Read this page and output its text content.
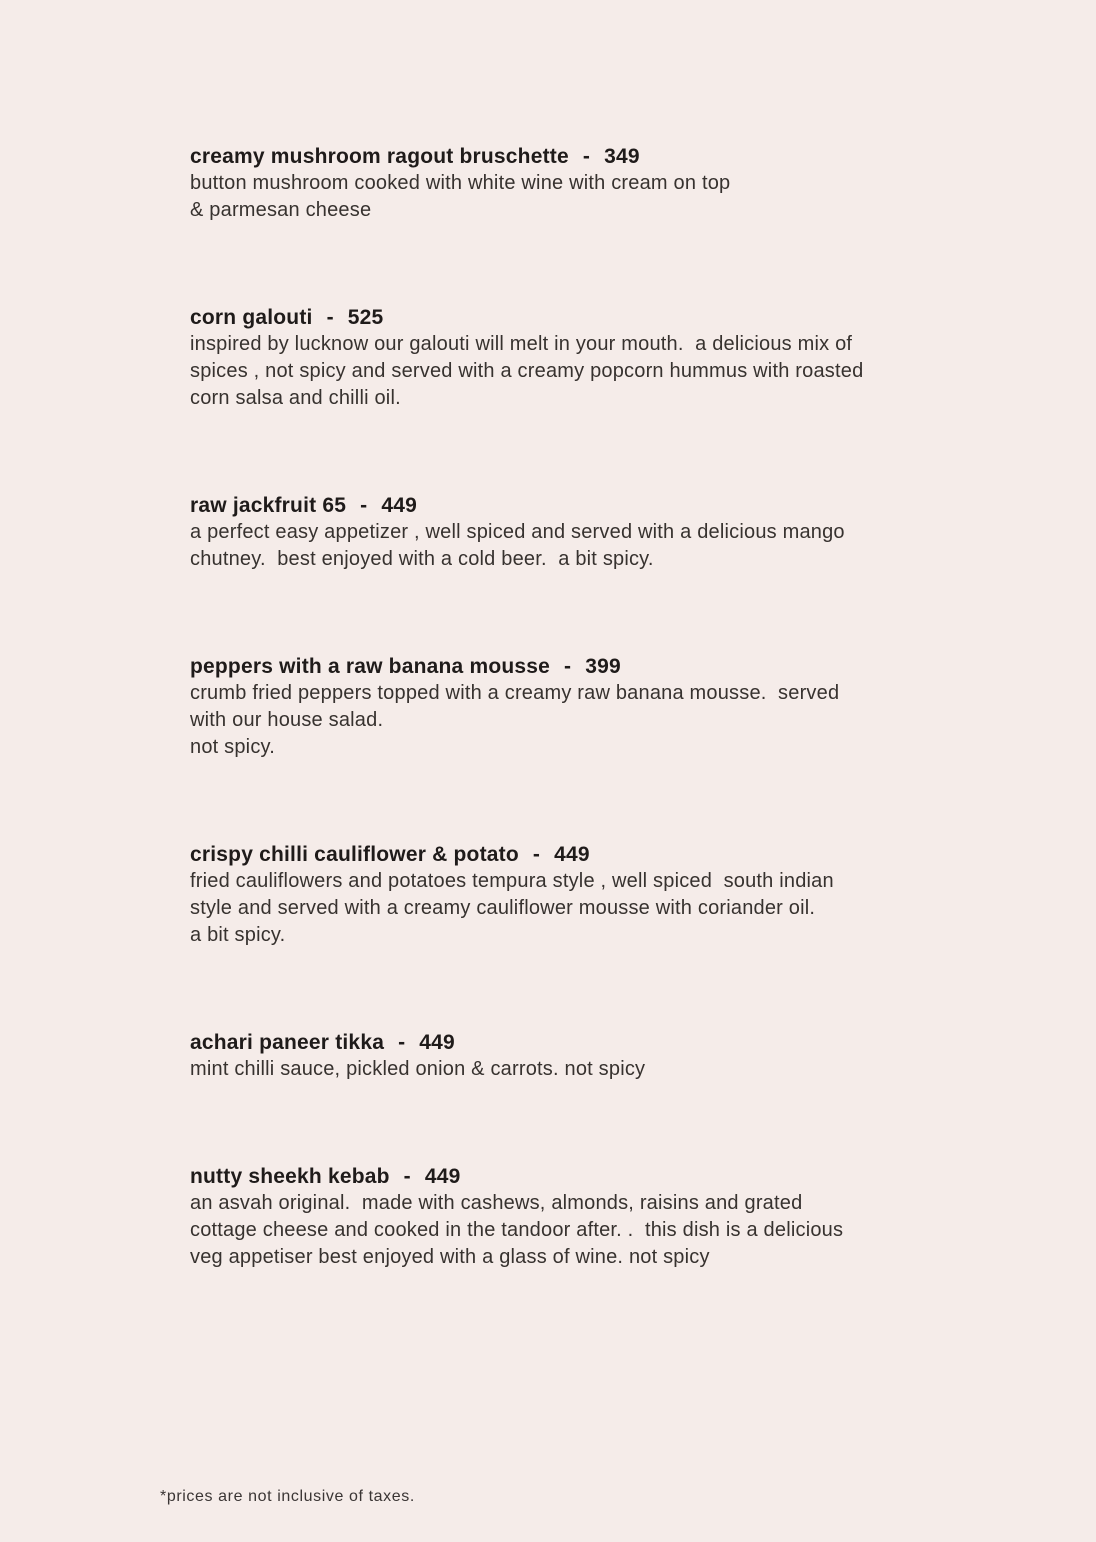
creamy mushroom ragout bruschette - 349
button mushroom cooked with white wine with cream on top
& parmesan cheese
corn galouti - 525
inspired by lucknow our galouti will melt in your mouth.  a delicious mix of
spices , not spicy and served with a creamy popcorn hummus with roasted
corn salsa and chilli oil.
raw jackfruit 65 - 449
a perfect easy appetizer , well spiced and served with a delicious mango
chutney.  best enjoyed with a cold beer.  a bit spicy.
peppers with a raw banana mousse - 399
crumb fried peppers topped with a creamy raw banana mousse.  served
with our house salad.
not spicy.
crispy chilli cauliflower & potato - 449
fried cauliflowers and potatoes tempura style , well spiced  south indian
style and served with a creamy cauliflower mousse with coriander oil.
a bit spicy.
achari paneer tikka - 449
mint chilli sauce, pickled onion & carrots. not spicy
nutty sheekh kebab - 449
an asvah original.  made with cashews, almonds, raisins and grated
cottage cheese and cooked in the tandoor after. .  this dish is a delicious
veg appetiser best enjoyed with a glass of wine. not spicy
*prices are not inclusive of taxes.
